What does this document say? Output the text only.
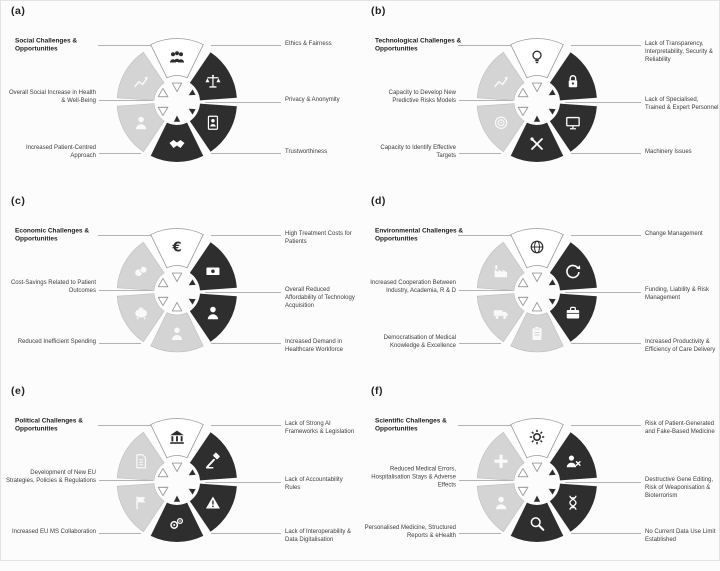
(a)
Social Challenges & Opportunities
Overall Social Increase in Health & Well-Being
Increased Patient-Centred Approach
Ethics & Fairness
Privacy & Anonymity
Trustworthiness
(b)
Technological Challenges & Opportunities
Capacity to Develop New Predictive Risks Models
Capacity to Identify Effective Targets
Lack of Transparency, Interpretability, Security & Reliability
Lack of Specialised, Trained & Expert Personnel
Machinery Issues
(c)
Economic Challenges & Opportunities
Cost-Savings Related to Patient Outcomes
Reduced Inefficient Spending
High Treatment Costs for Patients
Overall Reduced Affordability of Technology Acquisition
Increased Demand in Healthcare Workforce
€
(d)
Environmental Challenges & Opportunities
Increased Cooperation Between Industry, Academia, R & D
Democratisation of Medical Knowledge & Excellence
Change Management
Funding, Liability & Risk Management
Increased Productivity & Efficiency of Care Delivery
(e)
Political Challenges & Opportunities
Development of New EU Strategies, Policies & Regulations
Increased EU MS Collaboration
Lack of Strong AI Frameworks & Legislation
Lack of Accountability Rules
Lack of Interoperability & Data Digitalisation
(f)
Scientific Challenges & Opportunities
Reduced Medical Errors, Hospitalisation Stays & Adverse Effects
Personalised Medicine, Structured Reports & eHealth
Risk of Patient-Generated and Fake-Based Medicine
Destructive Gene Editing, Risk of Weaponisation & Bioterrorism
No Current Data Use Limit Established
